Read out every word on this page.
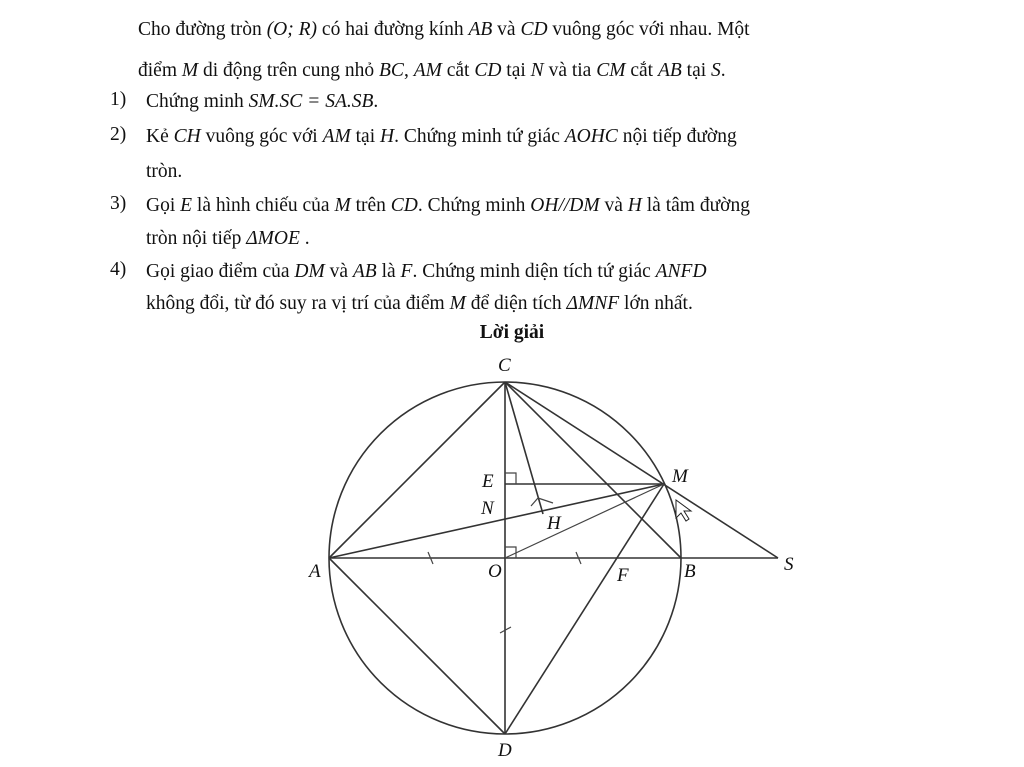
Cho đường tròn (O; R) có hai đường kính AB và CD vuông góc với nhau. Một
điểm M di động trên cung nhỏ BC, AM cắt CD tại N và tia CM cắt AB tại S.
1) Chứng minh SM.SC = SA.SB.
2) Kẻ CH vuông góc với AM tại H. Chứng minh tứ giác AOHC nội tiếp đường
tròn.
3) Gọi E là hình chiếu của M trên CD. Chứng minh OH//DM và H là tâm đường
tròn nội tiếp ΔMOE .
4) Gọi giao điểm của DM và AB là F. Chứng minh diện tích tứ giác ANFD
không đổi, từ đó suy ra vị trí của điểm M để diện tích ΔMNF lớn nhất.
Lời giải
C
M
E
N
H
A	O	F	B	S
D
